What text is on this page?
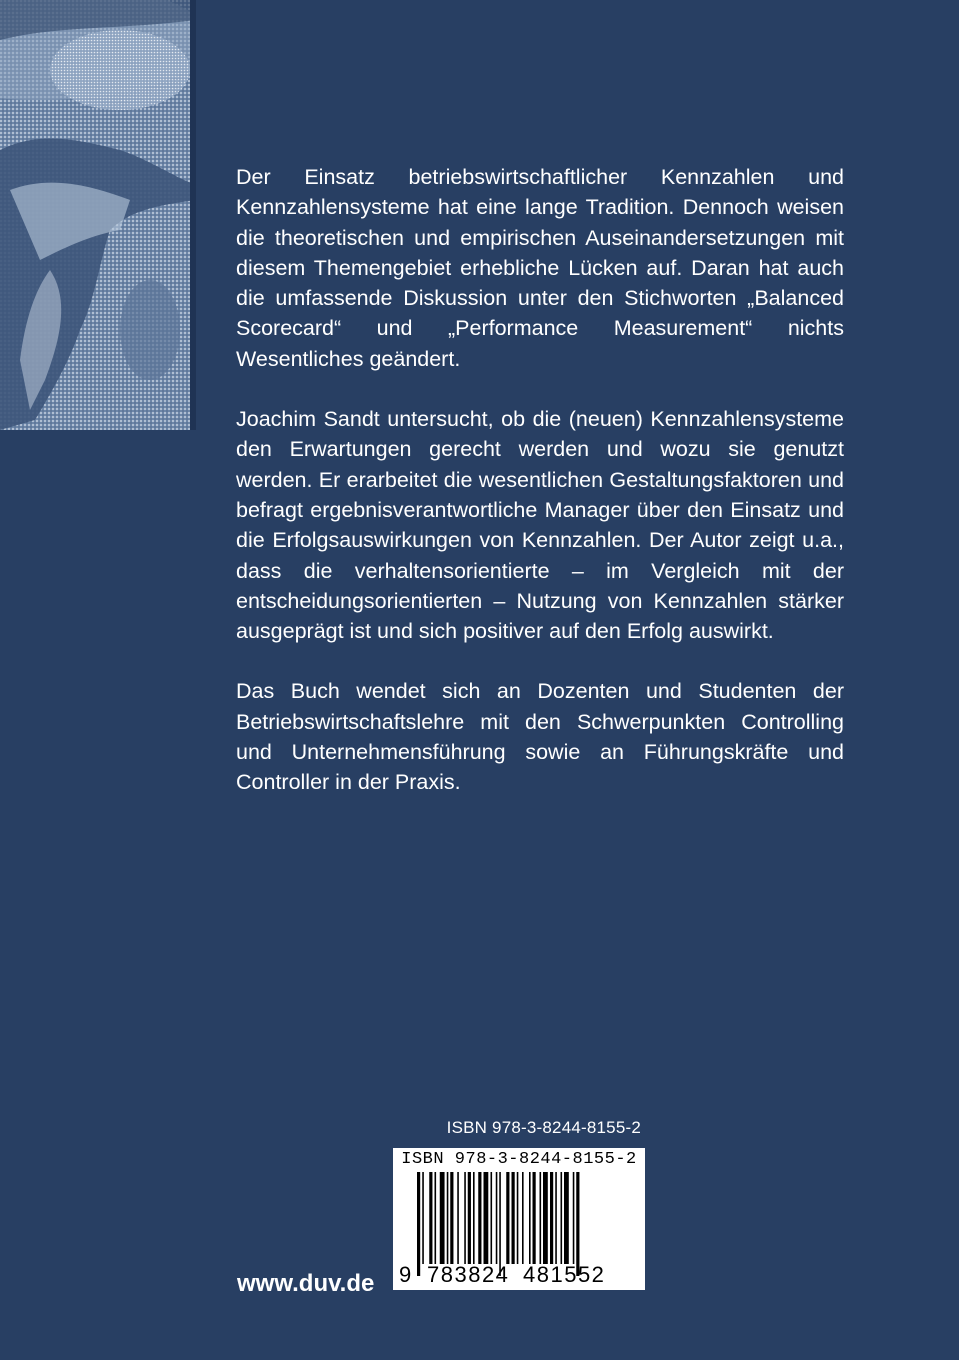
Der Einsatz betriebswirtschaftlicher Kennzahlen und Kennzahlensysteme hat eine lange Tradition. Dennoch weisen die theoretischen und empirischen Auseinandersetzungen mit diesem Themengebiet erhebliche Lücken auf. Daran hat auch die umfassende Diskussion unter den Stichworten „Balanced Scorecard“ und „Performance Measurement“ nichts Wesentliches geändert.

Joachim Sandt untersucht, ob die (neuen) Kennzahlensysteme den Erwartungen gerecht werden und wozu sie genutzt werden. Er erarbeitet die wesentlichen Gestaltungsfaktoren und befragt ergebnisverantwortliche Manager über den Einsatz und die Erfolgsauswirkungen von Kennzahlen. Der Autor zeigt u.a., dass die verhaltensorientierte – im Vergleich mit der entscheidungsorientierten – Nutzung von Kennzahlen stärker ausgeprägt ist und sich positiver auf den Erfolg auswirkt.

Das Buch wendet sich an Dozenten und Studenten der Betriebswirtschaftslehre mit den Schwerpunkten Controlling und Unternehmensführung sowie an Führungskräfte und Controller in der Praxis.

ISBN 978-3-8244-8155-2
ISBN 978-3-8244-8155-2
9 783824 481552
www.duv.de
